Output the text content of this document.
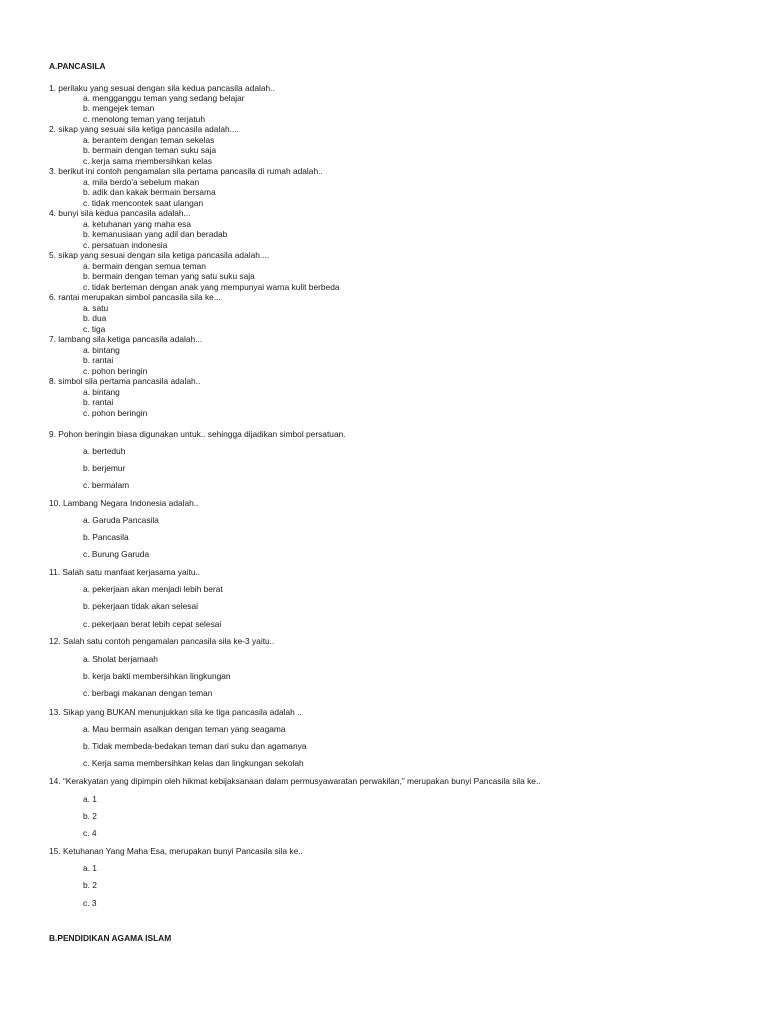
A.PANCASILA
1. perilaku yang sesuai dengan sila kedua pancasila adalah..
a. mengganggu teman yang sedang belajar
b. mengejek teman
c. menolong teman yang terjatuh
2. sikap yang sesuai sila ketiga pancasila adalah....
a. berantem dengan teman sekelas
b. bermain dengan teman suku saja
c. kerja sama membersihkan kelas
3. berikut ini contoh pengamalan sila pertama pancasila di rumah adalah..
a. mila berdo'a sebelum makan
b. adik dan kakak bermain bersama
c. tidak mencontek saat ulangan
4. bunyi sila kedua pancasila adalah...
a. ketuhanan yang maha esa
b. kemanusiaan yang adil dan beradab
c. persatuan indonesia
5. sikap yang sesuai dengan sila ketiga pancasila adalah....
a. bermain dengan semua teman
b. bermain dengan teman yang satu suku saja
c. tidak berteman dengan anak yang mempunyai warna kulit berbeda
6. rantai merupakan simbol pancasila sila ke...
a. satu
b. dua
c. tiga
7. lambang sila ketiga pancasila adalah...
a. bintang
b. rantai
c. pohon beringin
8. simbol sila pertama pancasila adalah..
a. bintang
b. rantai
c. pohon beringin
9. Pohon beringin biasa digunakan untuk.. sehingga dijadikan simbol persatuan.
a. berteduh
b. berjemur
c. bermalam
10. Lambang Negara Indonesia adalah..
a. Garuda Pancasila
b. Pancasila
c. Burung Garuda
11. Salah satu manfaat kerjasama yaitu..
a. pekerjaan akan menjadi lebih berat
b. pekerjaan tidak akan selesai
c. pekerjaan berat lebih cepat selesai
12. Salah satu contoh pengamalan pancasila sila ke-3 yaitu..
a. Sholat berjamaah
b. kerja bakti membersihkan lingkungan
c. berbagi makanan dengan teman
13. Sikap yang BUKAN menunjukkan sila ke tiga pancasila adalah ..
a. Mau bermain asalkan dengan teman yang seagama
b. Tidak membeda-bedakan teman dari suku dan agamanya
c. Kerja sama membersihkan kelas dan lingkungan sekolah
14. “Kerakyatan yang dipimpin oleh hikmat kebijaksanaan dalam permusyawaratan perwakilan,” merupakan bunyi Pancasila sila ke..
a. 1
b. 2
c. 4
15. Ketuhanan Yang Maha Esa, merupakan bunyi Pancasila sila ke..
a. 1
b. 2
c. 3
B.PENDIDIKAN AGAMA ISLAM
